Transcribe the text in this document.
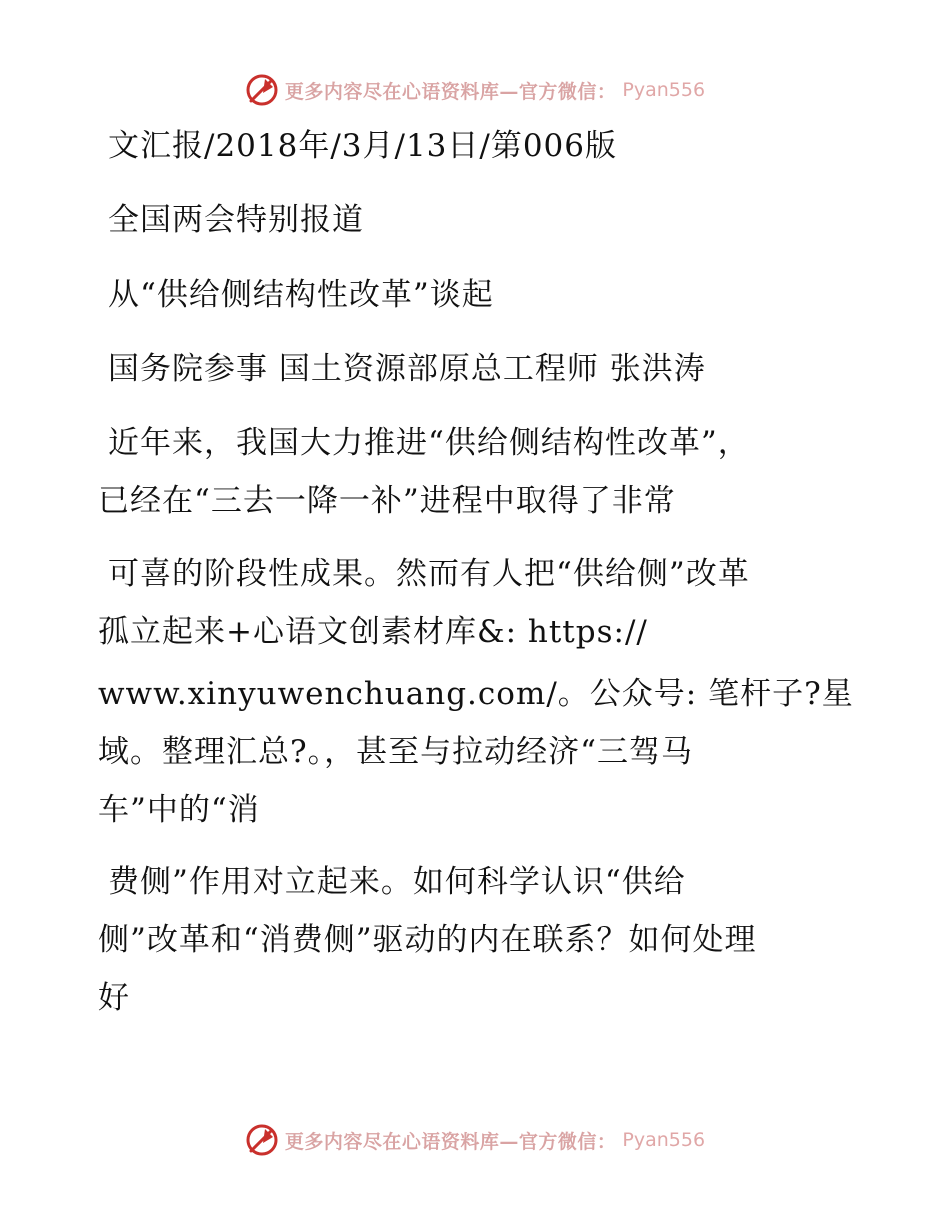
更多内容尽在心语资料库—官方微信： Pyan556
文汇报/2018年/3月/13日/第006版
全国两会特别报道
从“供给侧结构性改革”谈起
国务院参事 国土资源部原总工程师 张洪涛
近年来，我国大力推进“供给侧结构性改革”，
已经在“三去一降一补”进程中取得了非常
可喜的阶段性成果。然而有人把“供给侧”改革
孤立起来+心语文创素材库&: https://
www.xinyuwenchuang.com/。公众号: 笔杆子?星
域。整理汇总?。，甚至与拉动经济“三驾马
车”中的“消
费侧”作用对立起来。如何科学认识“供给
侧”改革和“消费侧”驱动的内在联系？如何处理
好
更多内容尽在心语资料库—官方微信： Pyan556
